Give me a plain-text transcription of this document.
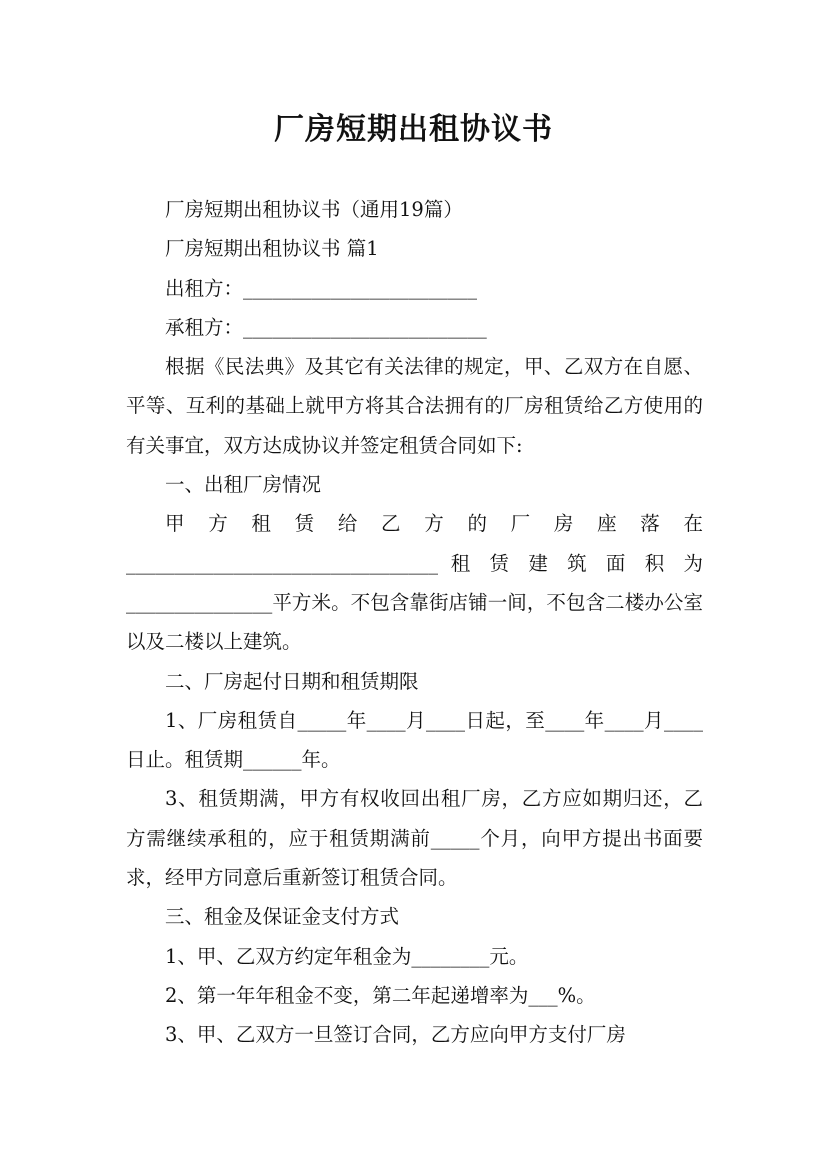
厂房短期出租协议书

厂房短期出租协议书（通用19篇）

厂房短期出租协议书 篇1

出租方：________________________

承租方：_________________________

根据《民法典》及其它有关法律的规定，甲、乙双方在自愿、平等、互利的基础上就甲方将其合法拥有的厂房租赁给乙方使用的有关事宜，双方达成协议并签定租赁合同如下:

一、出租厂房情况

甲方租赁给乙方的厂房座落在

________________________________ 租 赁 建 筑 面 积 为

_______________平方米。不包含靠街店铺一间，不包含二楼办公室以及二楼以上建筑。

二、厂房起付日期和租赁期限

1、厂房租赁自_____年____月____日起，至____年____月____日止。租赁期______年。

3、租赁期满，甲方有权收回出租厂房，乙方应如期归还，乙方需继续承租的，应于租赁期满前_____个月，向甲方提出书面要求，经甲方同意后重新签订租赁合同。

三、租金及保证金支付方式

1、甲、乙双方约定年租金为________元。

2、第一年年租金不变，第二年起递增率为___%。

3、甲、乙双方一旦签订合同，乙方应向甲方支付厂房
